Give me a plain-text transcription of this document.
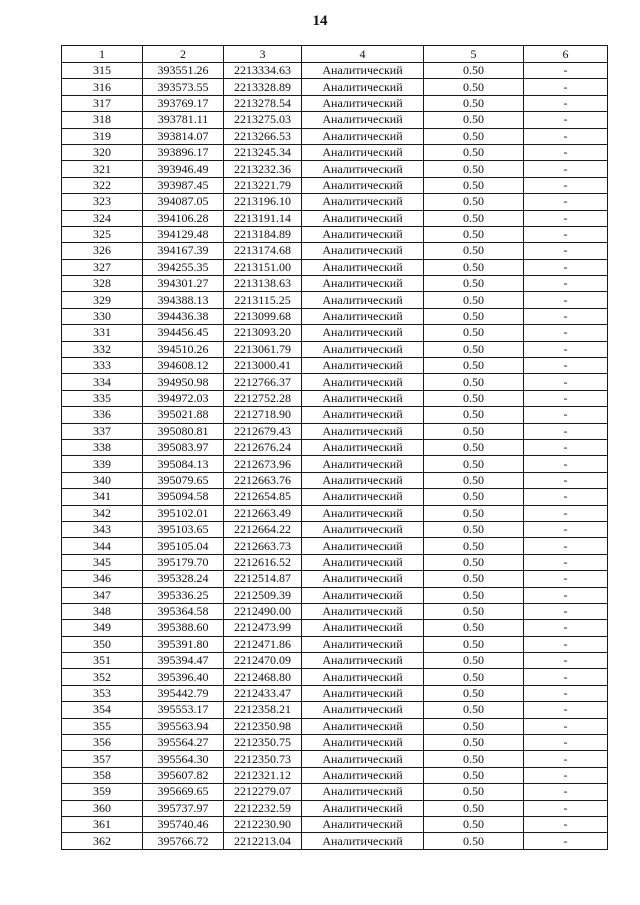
14
1	2	3	4	5	6
315	393551.26	2213334.63	Аналитический	0.50	-
316	393573.55	2213328.89	Аналитический	0.50	-
317	393769.17	2213278.54	Аналитический	0.50	-
318	393781.11	2213275.03	Аналитический	0.50	-
319	393814.07	2213266.53	Аналитический	0.50	-
320	393896.17	2213245.34	Аналитический	0.50	-
321	393946.49	2213232.36	Аналитический	0.50	-
322	393987.45	2213221.79	Аналитический	0.50	-
323	394087.05	2213196.10	Аналитический	0.50	-
324	394106.28	2213191.14	Аналитический	0.50	-
325	394129.48	2213184.89	Аналитический	0.50	-
326	394167.39	2213174.68	Аналитический	0.50	-
327	394255.35	2213151.00	Аналитический	0.50	-
328	394301.27	2213138.63	Аналитический	0.50	-
329	394388.13	2213115.25	Аналитический	0.50	-
330	394436.38	2213099.68	Аналитический	0.50	-
331	394456.45	2213093.20	Аналитический	0.50	-
332	394510.26	2213061.79	Аналитический	0.50	-
333	394608.12	2213000.41	Аналитический	0.50	-
334	394950.98	2212766.37	Аналитический	0.50	-
335	394972.03	2212752.28	Аналитический	0.50	-
336	395021.88	2212718.90	Аналитический	0.50	-
337	395080.81	2212679.43	Аналитический	0.50	-
338	395083.97	2212676.24	Аналитический	0.50	-
339	395084.13	2212673.96	Аналитический	0.50	-
340	395079.65	2212663.76	Аналитический	0.50	-
341	395094.58	2212654.85	Аналитический	0.50	-
342	395102.01	2212663.49	Аналитический	0.50	-
343	395103.65	2212664.22	Аналитический	0.50	-
344	395105.04	2212663.73	Аналитический	0.50	-
345	395179.70	2212616.52	Аналитический	0.50	-
346	395328.24	2212514.87	Аналитический	0.50	-
347	395336.25	2212509.39	Аналитический	0.50	-
348	395364.58	2212490.00	Аналитический	0.50	-
349	395388.60	2212473.99	Аналитический	0.50	-
350	395391.80	2212471.86	Аналитический	0.50	-
351	395394.47	2212470.09	Аналитический	0.50	-
352	395396.40	2212468.80	Аналитический	0.50	-
353	395442.79	2212433.47	Аналитический	0.50	-
354	395553.17	2212358.21	Аналитический	0.50	-
355	395563.94	2212350.98	Аналитический	0.50	-
356	395564.27	2212350.75	Аналитический	0.50	-
357	395564.30	2212350.73	Аналитический	0.50	-
358	395607.82	2212321.12	Аналитический	0.50	-
359	395669.65	2212279.07	Аналитический	0.50	-
360	395737.97	2212232.59	Аналитический	0.50	-
361	395740.46	2212230.90	Аналитический	0.50	-
362	395766.72	2212213.04	Аналитический	0.50	-
